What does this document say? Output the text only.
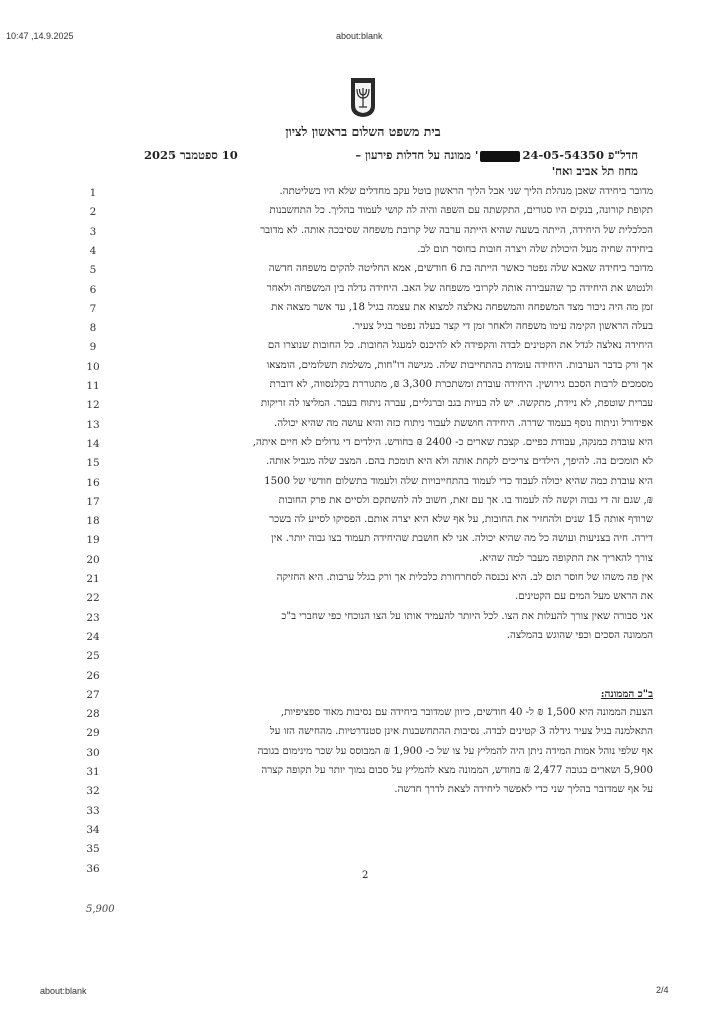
10:47 ,14.9.2025	about:blank
about:blank	2/4
בית משפט השלום בראשון לציון
חדל"פ 24-05-54350' ממונה על חדלות פירעון –
מחוז תל אביב ואח'
10 ספטמבר 2025
1	מדובר ביחידה שאכן מנהלת הליך שני אבל הליך הראשון בוטל עקב מחדלים שלא היו בשליטתה.
2	תקופת קורונה, בנקים היו סגורים, התקשתה עם השפה והיה לה קושי לעמוד בהליך. כל התחשבנות
3	הכלכלית של היחידה, הייתה בשעה שהיא הייתה ערבה של קרובת משפחה שסיבכה אותה. לא מדובר
4	ביחידה שחיה מעל היכולת שלה ויצרה חובות בחוסר תום לב.
5	מדובר ביחידה שאבא שלה נפטר כאשר הייתה בת 6 חודשים, אמא החליטה להקים משפחה חדשה
6	ולנטוש את היחידה כך שהעבירה אותה לקרובי משפחה של האב. היחידה גדלה בין המשפחה ולאחר
7	זמן מה היה ניכור מצד המשפחה והמשפחה נאלצה למצוא את עצמה בגיל 18, עד אשר מצאה את
8	בעלה הראשון הקימה עימו משפחה ולאחר זמן די קצר בעלה נפטר בגיל צעיר.
9	היחידה נאלצה לגדל את הקטינים לבדה והקפידה לא להיכנס למעגל החובות. כל החובות שנוצרו הם
10	אך ורק בדבר הערבות. היחידה עומדת בהתחייבות שלה. מגישה דו"חות, משלמת תשלומים, הומצאו
11	מסמכים לרבות הסכם גירושין. היחידה עובדת ומשתכרת 3,300 ₪, מתגוררת בקלנסווה, לא דוברת
12	עברית שוטפת, לא ניידת, מתקשה. יש לה בעיות בגב וברגליים, עברה ניתוח בעבר. המליצו לה זריקות
13	אפידורל וניתוח נוסף בעמוד שדרה. היחידה חוששת לעבור ניתוח כזה והיא עושה מה שהיא יכולה.
14	היא עובדת כמנקה, עבודת כפיים. קצבת שארים כ- 2400 ₪ בחודש. הילדים די גדולים לא חיים איתה,
15	לא תומכים בה. להיפך, הילדים צריכים לקחת אותה ולא היא תומכת בהם. המצב שלה מגביל אותה.
16	היא עובדת כמה שהיא יכולה לעבוד כדי לעמוד בהתחייבויות שלה ולעמוד בתשלום חודשי של 1500
17	₪, שגם זה די גבוה וקשה לה לעמוד בו. אך עם זאת, חשוב לה להשתקם ולסיים את פרק החובות
18	שרודף אותה 15 שנים ולהחזיר את החובות, על אף שלא היא יצרה אותם. הפסיקו לסייע לה בשכר
19	דירה. חיה בצניעות ועושה כל מה שהיא יכולה. אני לא חושבת שהיחידה תעמוד בצו גבוה יותר. אין
20	צורך להאריך את התקופה מעבר למה שהיא.
21	אין פה משהו של חוסר תום לב. היא נכנסה לסחרחורת כלכלית אך ורק בגלל ערבות. היא החזיקה
22	את הראש מעל המים עם הקטינים.
23	אני סבורה שאין צורך להעלות את הצו. לכל היותר להעמיד אותו על הצו הנוכחי כפי שחברי ב"כ
24	הממונה הסכים וכפי שהוגש בהמלצה.
25
26
27	ב"כ הממונה:
28	הצעת הממונה היא 1,500 ₪ ל- 40 חודשים, כיוון שמדובר ביחידה עם נסיבות מאוד ספציפיות,
29	התאלמנה בגיל צעיר גידלה 3 קטינים לבדה. נסיבות ההתחשבנות אינן סטנדרטיות. מהחישה הזו על
30	אף שלפי נוהל אמות המידה ניתן היה להמליץ על צו של כ- 1,900 ₪ המבוסס על שכר מינימום בגובה
31	5,900 ושארים בגובה 2,477 ₪ בחודש, הממונה מצא להמליץ על סכום נמוך יותר על תקופה קצרה
32	על אף שמדובר בהליך שני כדי לאפשר ליחידה לצאת לדרך חדשה.
33
34
35
36
2
5,900
